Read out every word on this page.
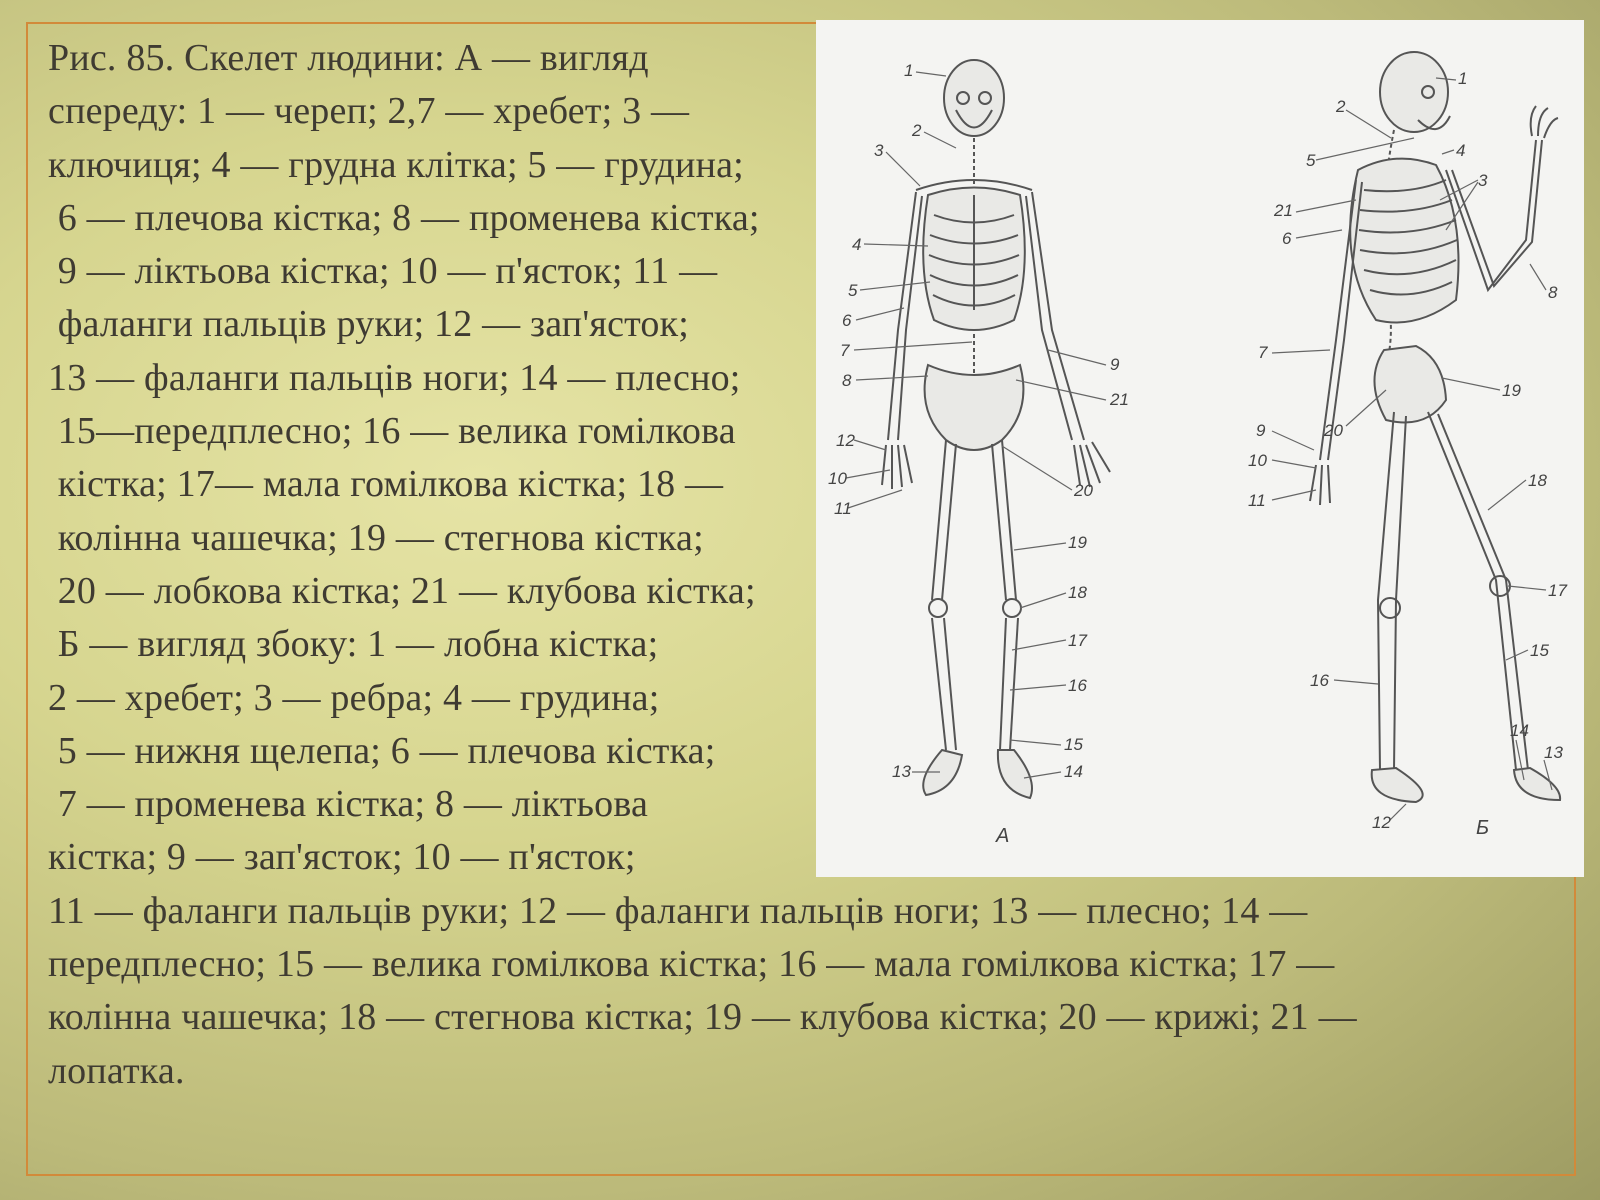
1
2
3
4
5
6
7
8
9
21
20
12
10
11
19
18
17
16
15
13	14
А
1
2
5
4
3
21
6
8
7
19
20
9
10
11
18
17
15
16
14
13
12	Б
Рис. 85. Скелет людини: А — вигляд
спереду: 1 — череп; 2,7 — хребет; 3 —
ключиця; 4 — грудна клітка; 5 — грудина;
6 — плечова кістка; 8 — променева кістка;
9 — ліктьова кістка; 10 — п'ясток; 11 —
фаланги пальців руки; 12 — зап'ясток;
13 — фаланги пальців ноги; 14 — плесно;
15—передплесно; 16 — велика гомілкова
кістка; 17— мала гомілкова кістка; 18 —
колінна чашечка; 19 — стегнова кістка;
20 — лобкова кістка; 21 — клубова кістка;
Б — вигляд збоку: 1 — лобна кістка;
2 — хребет; 3 — ребра; 4 — грудина;
5 — нижня щелепа; 6 — плечова кістка;
7 — променева кістка; 8 — ліктьова
кістка; 9 — зап'ясток; 10 — п'ясток;
11 — фаланги пальців руки; 12 — фаланги пальців ноги; 13 — плесно; 14 —
передплесно; 15 — велика гомілкова кістка; 16 — мала гомілкова кістка; 17 —
колінна чашечка; 18 — стегнова кістка; 19 — клубова кістка; 20 — крижі; 21 —
лопатка.
